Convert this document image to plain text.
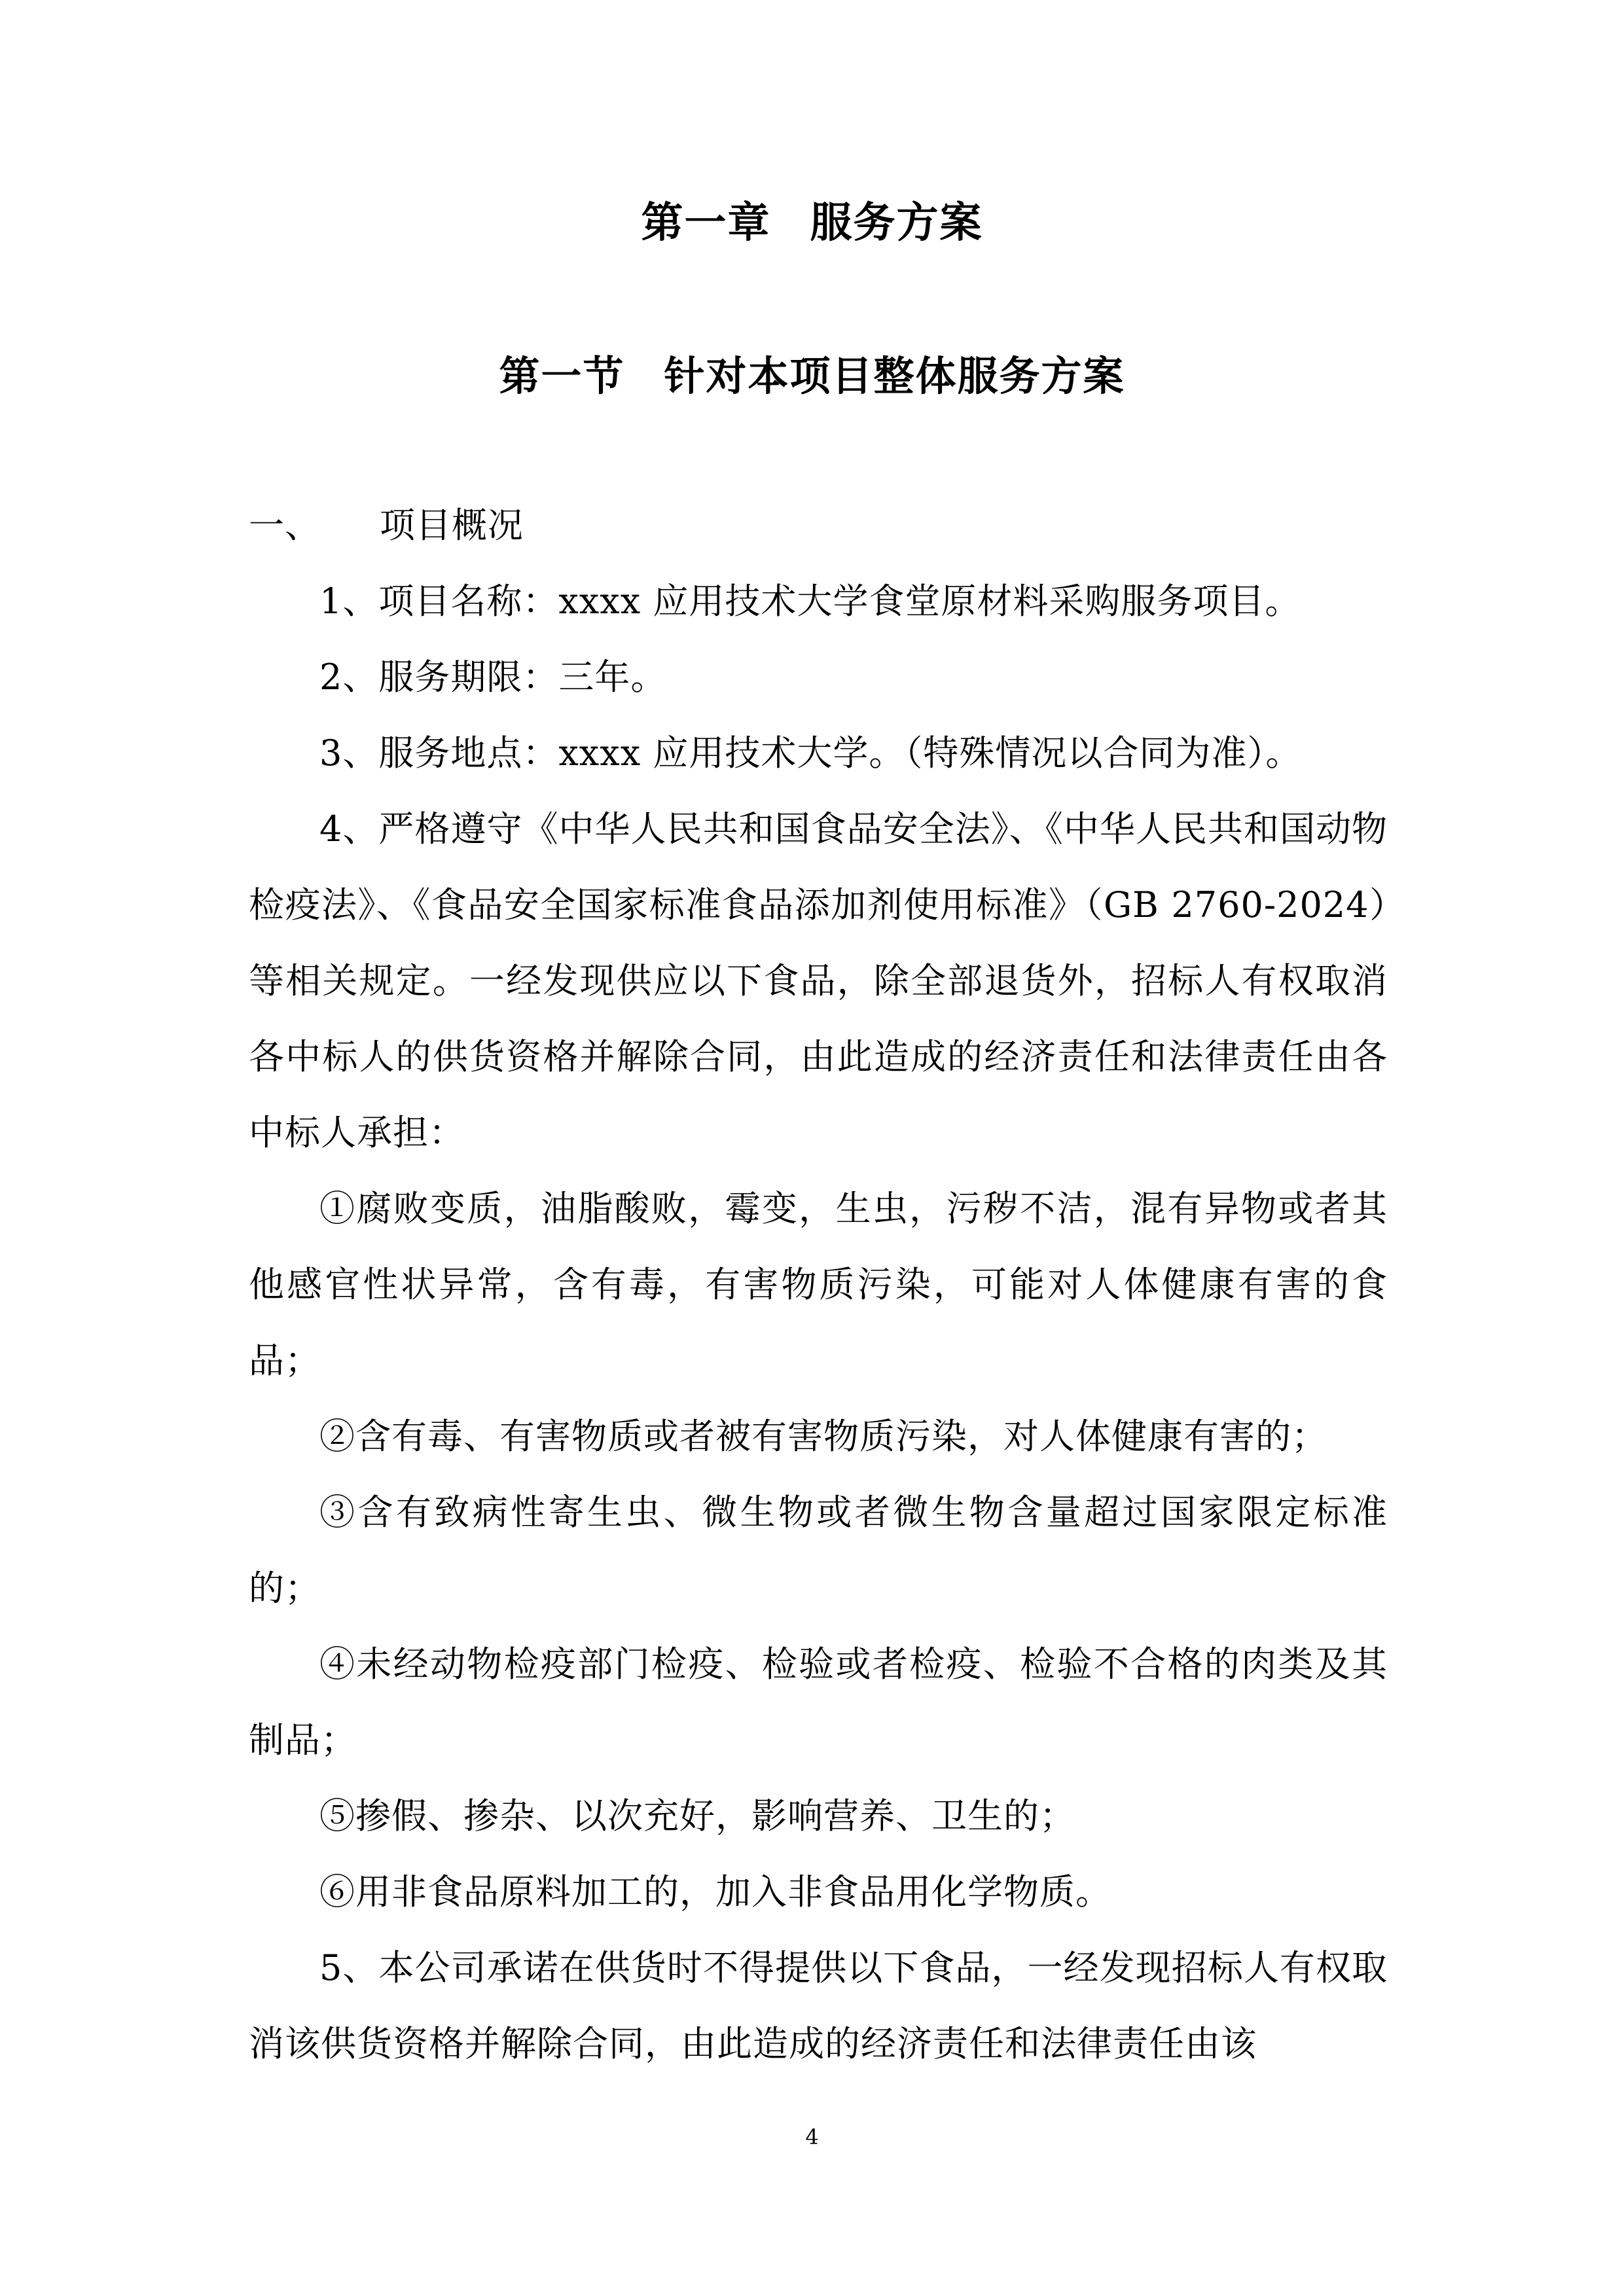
第一章 服务方案
第一节 针对本项目整体服务方案

一、 项目概况

1、项目名称：xxxx 应用技术大学食堂原材料采购服务项目。

2、服务期限：三年。

3、服务地点：xxxx 应用技术大学。（特殊情况以合同为准）。

4、严格遵守《中华人民共和国食品安全法》、《中华人民共和国动物检疫法》、《食品安全国家标准食品添加剂使用标准》（GB 2760-2024）等相关规定。一经发现供应以下食品，除全部退货外，招标人有权取消各中标人的供货资格并解除合同，由此造成的经济责任和法律责任由各中标人承担：

①腐败变质，油脂酸败，霉变，生虫，污秽不洁，混有异物或者其他感官性状异常，含有毒，有害物质污染，可能对人体健康有害的食品；

②含有毒、有害物质或者被有害物质污染，对人体健康有害的；

③含有致病性寄生虫、微生物或者微生物含量超过国家限定标准的；

④未经动物检疫部门检疫、检验或者检疫、检验不合格的肉类及其制品；

⑤掺假、掺杂、以次充好，影响营养、卫生的；

⑥用非食品原料加工的，加入非食品用化学物质。

5、本公司承诺在供货时不得提供以下食品，一经发现招标人有权取消该供货资格并解除合同，由此造成的经济责任和法律责任由该

4
